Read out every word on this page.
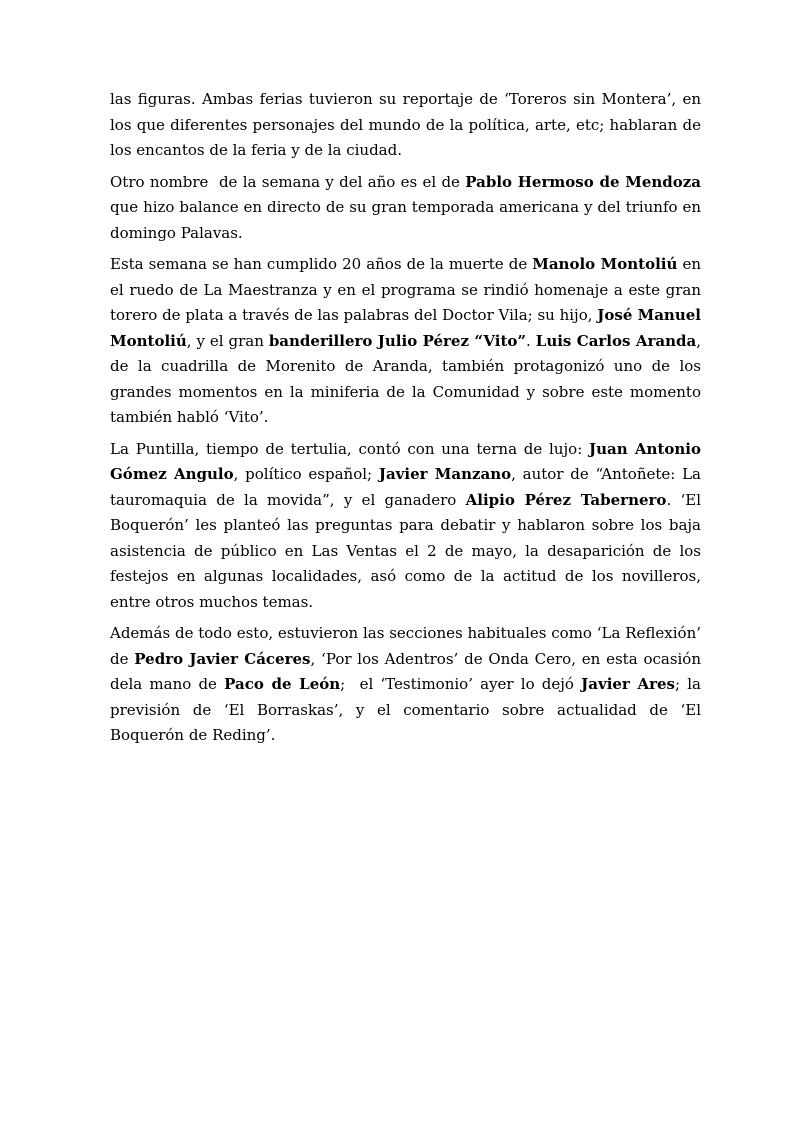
las figuras. Ambas ferias tuvieron su reportaje de ‘Toreros sin Montera’, en los que diferentes personajes del mundo de la política, arte, etc; hablaran de los encantos de la feria y de la ciudad.

Otro nombre  de la semana y del año es el de Pablo Hermoso de Mendoza que hizo balance en directo de su gran temporada americana y del triunfo en domingo Palavas.

Esta semana se han cumplido 20 años de la muerte de Manolo Montoliú en el ruedo de La Maestranza y en el programa se rindió homenaje a este gran torero de plata a través de las palabras del Doctor Vila; su hijo, José Manuel Montoliú, y el gran banderillero Julio Pérez “Vito”. Luis Carlos Aranda, de la cuadrilla de Morenito de Aranda, también protagonizó uno de los grandes momentos en la miniferia de la Comunidad y sobre este momento también habló ‘Vito’.

La Puntilla, tiempo de tertulia, contó con una terna de lujo: Juan Antonio Gómez Angulo, político español; Javier Manzano, autor de “Antoñete: La tauromaquia de la movida”, y el ganadero Alipio Pérez Tabernero. ‘El Boquerón’ les planteó las preguntas para debatir y hablaron sobre los baja asistencia de público en Las Ventas el 2 de mayo, la desaparición de los festejos en algunas localidades, asó como de la actitud de los novilleros, entre otros muchos temas.

Además de todo esto, estuvieron las secciones habituales como ‘La Reflexión’ de Pedro Javier Cáceres, ‘Por los Adentros’ de Onda Cero, en esta ocasión dela mano de Paco de León;  el ‘Testimonio’ ayer lo dejó Javier Ares; la previsión de ‘El Borraskas’, y el comentario sobre actualidad de ‘El Boquerón de Reding’.
